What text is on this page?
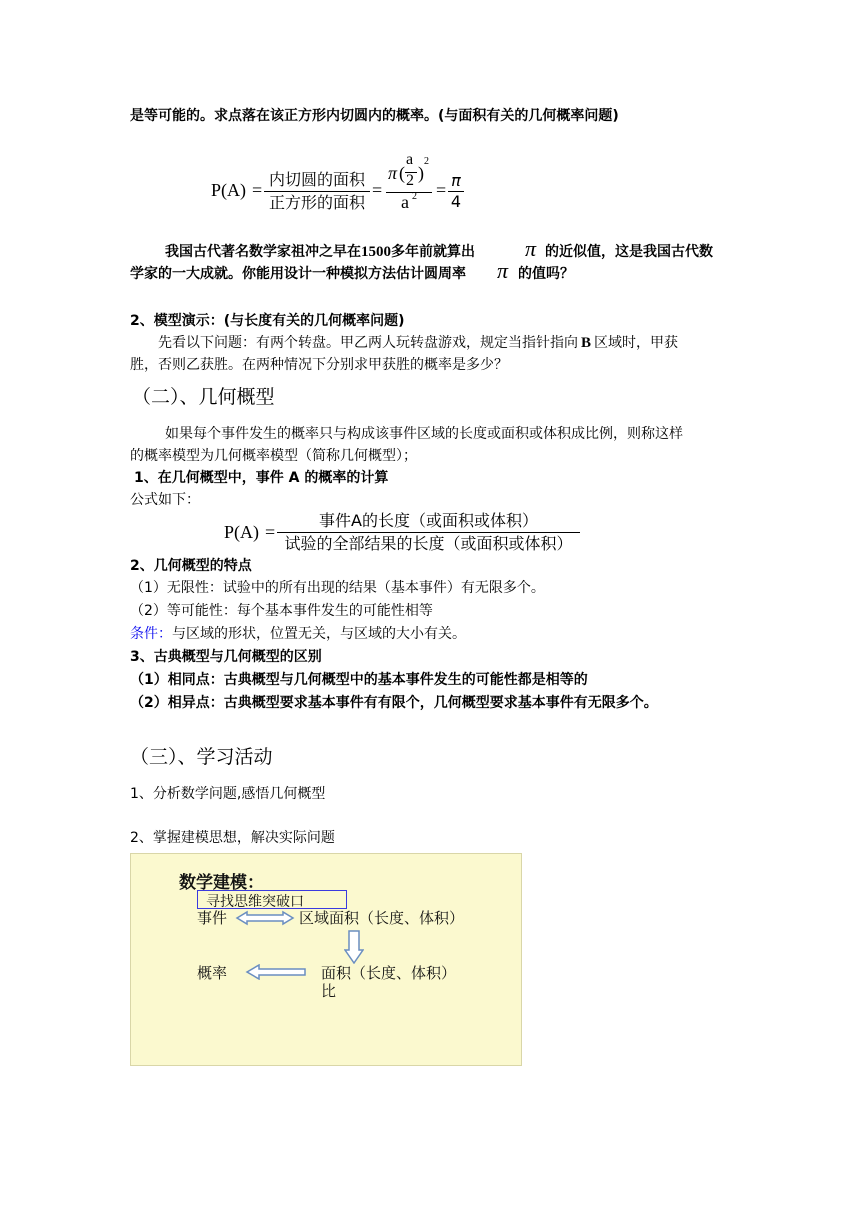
是等可能的。求点落在该正方形内切圆内的概率。(与面积有关的几何概率问题)
P(A) =
内切圆的面积
正方形的面积
=
π (
a
2 )
2
a 2 = π
4
我国古代著名数学家祖冲之早在1500多年前就算出 π 的近似值，这是我国古代数
学家的一大成就。你能用设计一种模拟方法估计圆周率 π 的值吗？
2、模型演示：(与长度有关的几何概率问题)
先看以下问题：有两个转盘。甲乙两人玩转盘游戏，规定当指针指向 B 区域时，甲获
胜，否则乙获胜。在两种情况下分别求甲获胜的概率是多少？
（二）、几何概型
如果每个事件发生的概率只与构成该事件区域的长度或面积或体积成比例，则称这样
的概率模型为几何概率模型（简称几何概型）；
1、在几何概型中，事件 A 的概率的计算
公式如下：
P(A) =
事件A的长度（或面积或体积）
试验的全部结果的长度（或面积或体积）
2、几何概型的特点
（1）无限性：试验中的所有出现的结果（基本事件）有无限多个。
（2）等可能性：每个基本事件发生的可能性相等
条件：与区域的形状，位置无关，与区域的大小有关。
3、古典概型与几何概型的区别
（1）相同点：古典概型与几何概型中的基本事件发生的可能性都是相等的
（2）相异点：古典概型要求基本事件有有限个，几何概型要求基本事件有无限多个。
（三）、学习活动
1、分析数学问题,感悟几何概型
2、掌握建模思想，解决实际问题
数学建模：
寻找思维突破口
事件	区域面积（长度、体积）
概率	面积（长度、体积）
比
